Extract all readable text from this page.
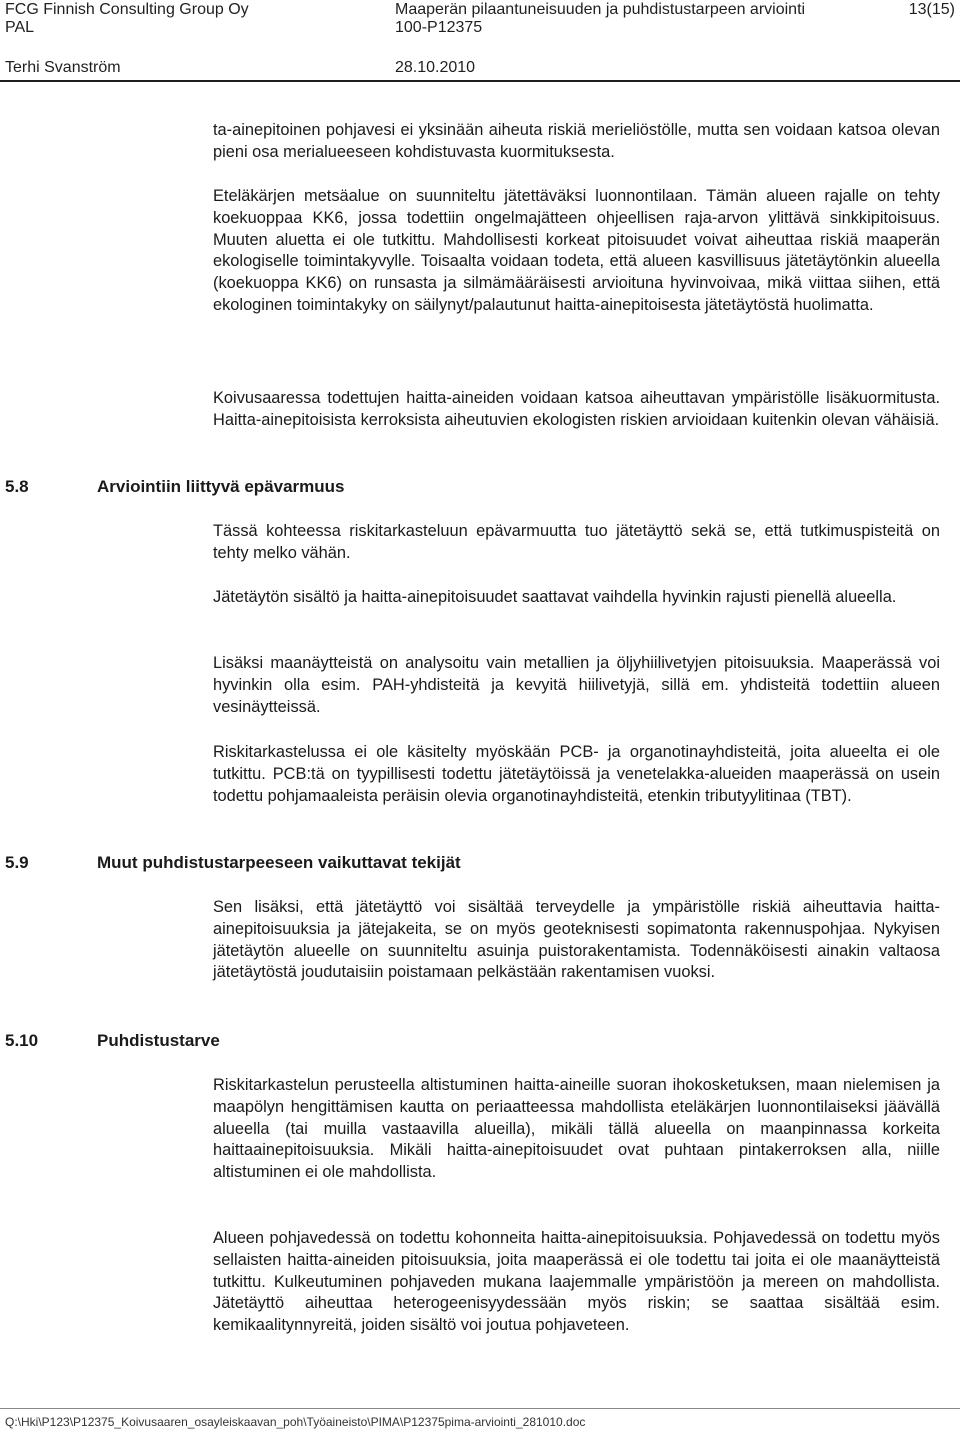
FCG Finnish Consulting Group Oy
PAL
Terhi Svanström
Maaperän pilaantuneisuuden ja puhdistustarpeen arviointi
100-P12375
28.10.2010
13(15)

ta-ainepitoinen pohjavesi ei yksinään aiheuta riskiä merieliöstölle, mutta sen voidaan katsoa olevan pieni osa merialueeseen kohdistuvasta kuormituksesta.

Eteläkärjen metsäalue on suunniteltu jätettäväksi luonnontilaan. Tämän alueen rajalle on tehty koekuoppaa KK6, jossa todettiin ongelmajätteen ohjeellisen raja-arvon ylittävä sinkkipitoisuus. Muuten aluetta ei ole tutkittu. Mahdollisesti korkeat pitoisuudet voivat aiheuttaa riskiä maaperän ekologiselle toimintakyvylle. Toisaalta voidaan todeta, että alueen kasvillisuus jätetäytönkin alueella (koekuoppa KK6) on runsasta ja silmämääräisesti arvioituna hyvinvoivaa, mikä viittaa siihen, että ekologinen toimintakyky on säilynyt/palautunut haitta-ainepitoisesta jätetäytöstä huolimatta.

Koivusaaressa todettujen haitta-aineiden voidaan katsoa aiheuttavan ympäristölle lisäkuormitusta. Haitta-ainepitoisista kerroksista aiheutuvien ekologisten riskien arvioidaan kuitenkin olevan vähäisiä.

5.8	Arviointiin liittyvä epävarmuus

Tässä kohteessa riskitarkasteluun epävarmuutta tuo jätetäyttö sekä se, että tutkimuspisteitä on tehty melko vähän.

Jätetäytön sisältö ja haitta-ainepitoisuudet saattavat vaihdella hyvinkin rajusti pienellä alueella.

Lisäksi maanäytteistä on analysoitu vain metallien ja öljyhiilivetyjen pitoisuuksia. Maaperässä voi hyvinkin olla esim. PAH-yhdisteitä ja kevyitä hiilivetyjä, sillä em. yhdisteitä todettiin alueen vesinäytteissä.

Riskitarkastelussa ei ole käsitelty myöskään PCB- ja organotinayhdisteitä, joita alueelta ei ole tutkittu. PCB:tä on tyypillisesti todettu jätetäytöissä ja venetelakka-alueiden maaperässä on usein todettu pohjamaaleista peräisin olevia organotinayhdisteitä, etenkin tributyylitinaa (TBT).

5.9	Muut puhdistustarpeeseen vaikuttavat tekijät

Sen lisäksi, että jätetäyttö voi sisältää terveydelle ja ympäristölle riskiä aiheuttavia haitta-ainepitoisuuksia ja jätejakeita, se on myös geoteknisesti sopimatonta rakennuspohjaa. Nykyisen jätetäytön alueelle on suunniteltu asuinja puistorakentamista. Todennäköisesti ainakin valtaosa jätetäytöstä joudutaisiin poistamaan pelkästään rakentamisen vuoksi.

5.10	Puhdistustarve

Riskitarkastelun perusteella altistuminen haitta-aineille suoran ihokosketuksen, maan nielemisen ja maapölyn hengittämisen kautta on periaatteessa mahdollista eteläkärjen luonnontilaiseksi jäävällä alueella (tai muilla vastaavilla alueilla), mikäli tällä alueella on maanpinnassa korkeita haittaainepitoisuuksia. Mikäli haitta-ainepitoisuudet ovat puhtaan pintakerroksen alla, niille altistuminen ei ole mahdollista.

Alueen pohjavedessä on todettu kohonneita haitta-ainepitoisuuksia. Pohjavedessä on todettu myös sellaisten haitta-aineiden pitoisuuksia, joita maaperässä ei ole todettu tai joita ei ole maanäytteistä tutkittu. Kulkeutuminen pohjaveden mukana laajemmalle ympäristöön ja mereen on mahdollista. Jätetäyttö aiheuttaa heterogeenisyydessään myös riskin; se saattaa sisältää esim. kemikaalitynnyreitä, joiden sisältö voi joutua pohjaveteen.

Q:\Hki\P123\P12375_Koivusaaren_osayleiskaavan_poh\Työaineisto\PIMA\P12375pima-arviointi_281010.doc
